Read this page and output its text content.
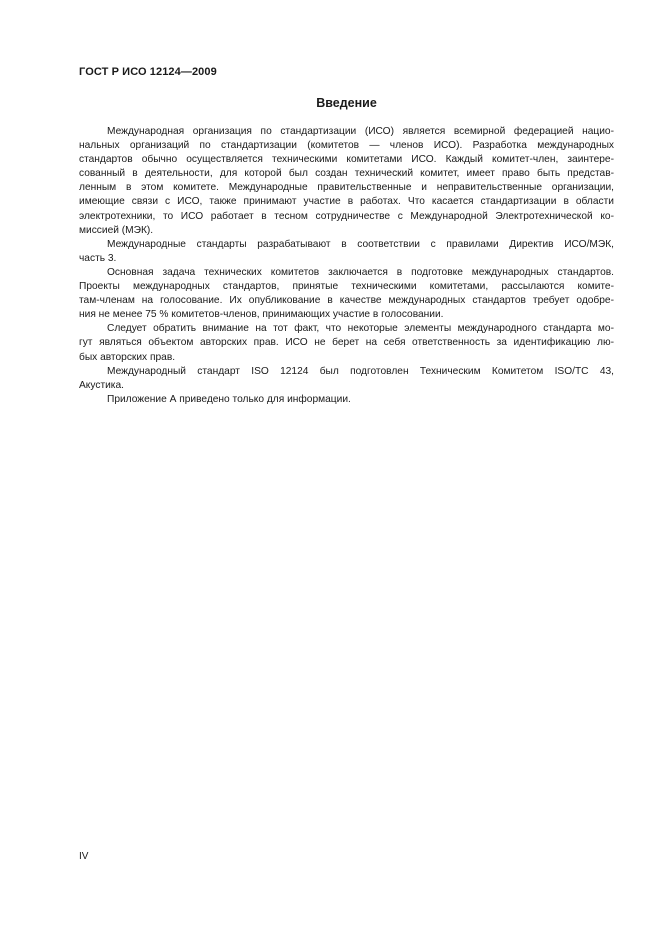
ГОСТ Р ИСО 12124—2009
Введение

Международная организация по стандартизации (ИСО) является всемирной федерацией нацио-
нальных организаций по стандартизации (комитетов — членов ИСО). Разработка международных
стандартов обычно осуществляется техническими комитетами ИСО. Каждый комитет-член, заинтере-
сованный в деятельности, для которой был создан технический комитет, имеет право быть представ-
ленным в этом комитете. Международные правительственные и неправительственные организации,
имеющие связи с ИСО, также принимают участие в работах. Что касается стандартизации в области
электротехники, то ИСО работает в тесном сотрудничестве с Международной Электротехнической ко-
миссией (МЭК).

Международные стандарты разрабатывают в соответствии с правилами Директив ИСО/МЭК,
часть 3.

Основная задача технических комитетов заключается в подготовке международных стандартов.
Проекты международных стандартов, принятые техническими комитетами, рассылаются комите-
там-членам на голосование. Их опубликование в качестве международных стандартов требует одобре-
ния не менее 75 % комитетов-членов, принимающих участие в голосовании.

Следует обратить внимание на тот факт, что некоторые элементы международного стандарта мо-
гут являться объектом авторских прав. ИСО не берет на себя ответственность за идентификацию лю-
бых авторских прав.

Международный стандарт ISO 12124 был подготовлен Техническим Комитетом ISO/TC 43,
Акустика.

Приложение А приведено только для информации.

IV
